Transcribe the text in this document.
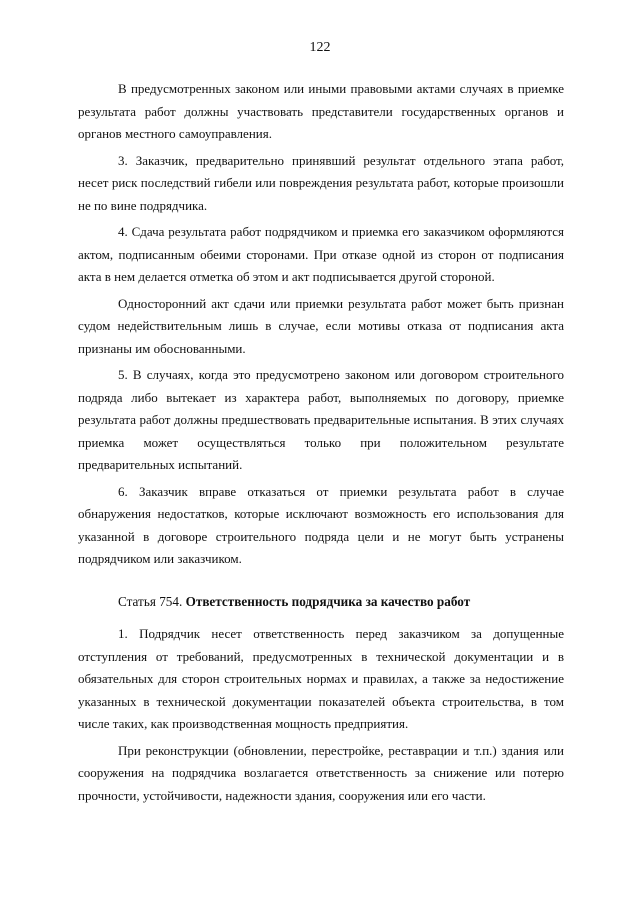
122

В предусмотренных законом или иными правовыми актами случаях в приемке результата работ должны участвовать представители государственных органов и органов местного самоуправления.

3. Заказчик, предварительно принявший результат отдельного этапа работ, несет риск последствий гибели или повреждения результата работ, которые произошли не по вине подрядчика.

4. Сдача результата работ подрядчиком и приемка его заказчиком оформляются актом, подписанным обеими сторонами. При отказе одной из сторон от подписания акта в нем делается отметка об этом и акт подписывается другой стороной.

Односторонний акт сдачи или приемки результата работ может быть признан судом недействительным лишь в случае, если мотивы отказа от подписания акта признаны им обоснованными.

5. В случаях, когда это предусмотрено законом или договором строительного подряда либо вытекает из характера работ, выполняемых по договору, приемке результата работ должны предшествовать предварительные испытания. В этих случаях приемка может осуществляться только при положительном результате предварительных испытаний.

6. Заказчик вправе отказаться от приемки результата работ в случае обнаружения недостатков, которые исключают возможность его использования для указанной в договоре строительного подряда цели и не могут быть устранены подрядчиком или заказчиком.

Статья 754. Ответственность подрядчика за качество работ

1. Подрядчик несет ответственность перед заказчиком за допущенные отступления от требований, предусмотренных в технической документации и в обязательных для сторон строительных нормах и правилах, а также за недостижение указанных в технической документации показателей объекта строительства, в том числе таких, как производственная мощность предприятия.

При реконструкции (обновлении, перестройке, реставрации и т.п.) здания или сооружения на подрядчика возлагается ответственность за снижение или потерю прочности, устойчивости, надежности здания, сооружения или его части.
